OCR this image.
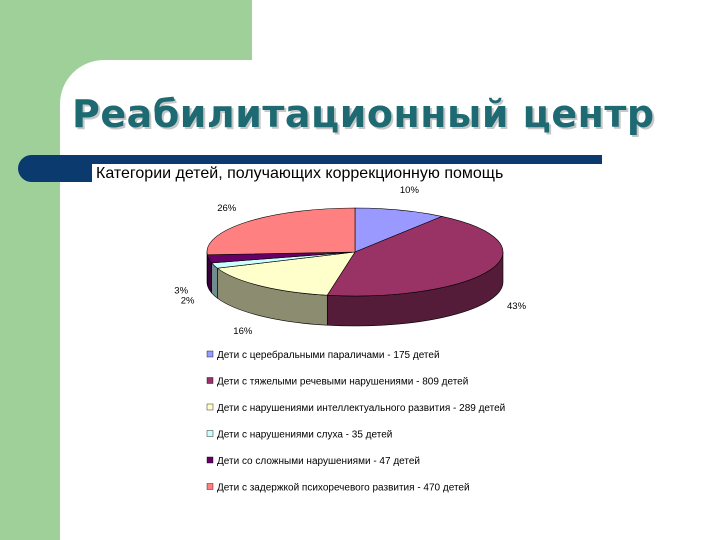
Реабилитационный центр
Категории детей, получающих коррекционную помощь
10%
43%
16%
2%
3%
26%
Дети с церебральными параличами - 175 детей
Дети с тяжелыми речевыми нарушениями - 809 детей
Дети с нарушениями интеллектуального развития - 289 детей
Дети с нарушениями слуха - 35 детей
Дети со сложными нарушениями - 47 детей
Дети с задержкой психоречевого развития - 470 детей
